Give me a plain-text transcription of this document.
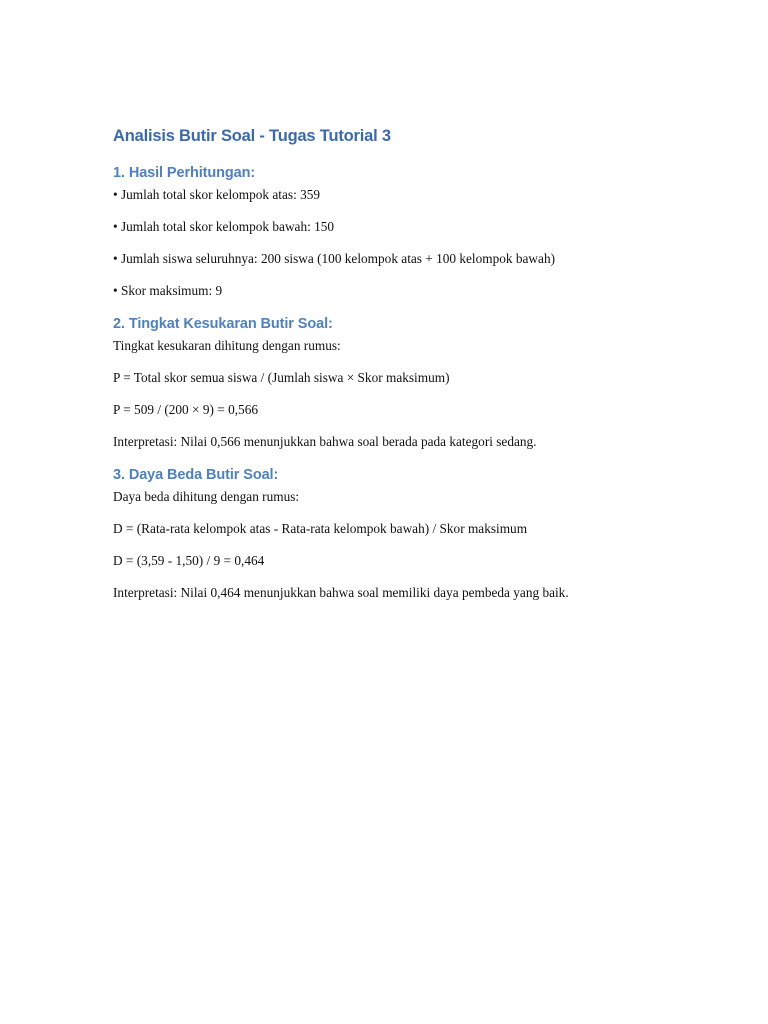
Analisis Butir Soal - Tugas Tutorial 3
1. Hasil Perhitungan:

• Jumlah total skor kelompok atas: 359

• Jumlah total skor kelompok bawah: 150

• Jumlah siswa seluruhnya: 200 siswa (100 kelompok atas + 100 kelompok bawah)

• Skor maksimum: 9

2. Tingkat Kesukaran Butir Soal:

Tingkat kesukaran dihitung dengan rumus:

P = Total skor semua siswa / (Jumlah siswa × Skor maksimum)

P = 509 / (200 × 9) = 0,566

Interpretasi: Nilai 0,566 menunjukkan bahwa soal berada pada kategori sedang.

3. Daya Beda Butir Soal:

Daya beda dihitung dengan rumus:

D = (Rata-rata kelompok atas - Rata-rata kelompok bawah) / Skor maksimum

D = (3,59 - 1,50) / 9 = 0,464

Interpretasi: Nilai 0,464 menunjukkan bahwa soal memiliki daya pembeda yang baik.
